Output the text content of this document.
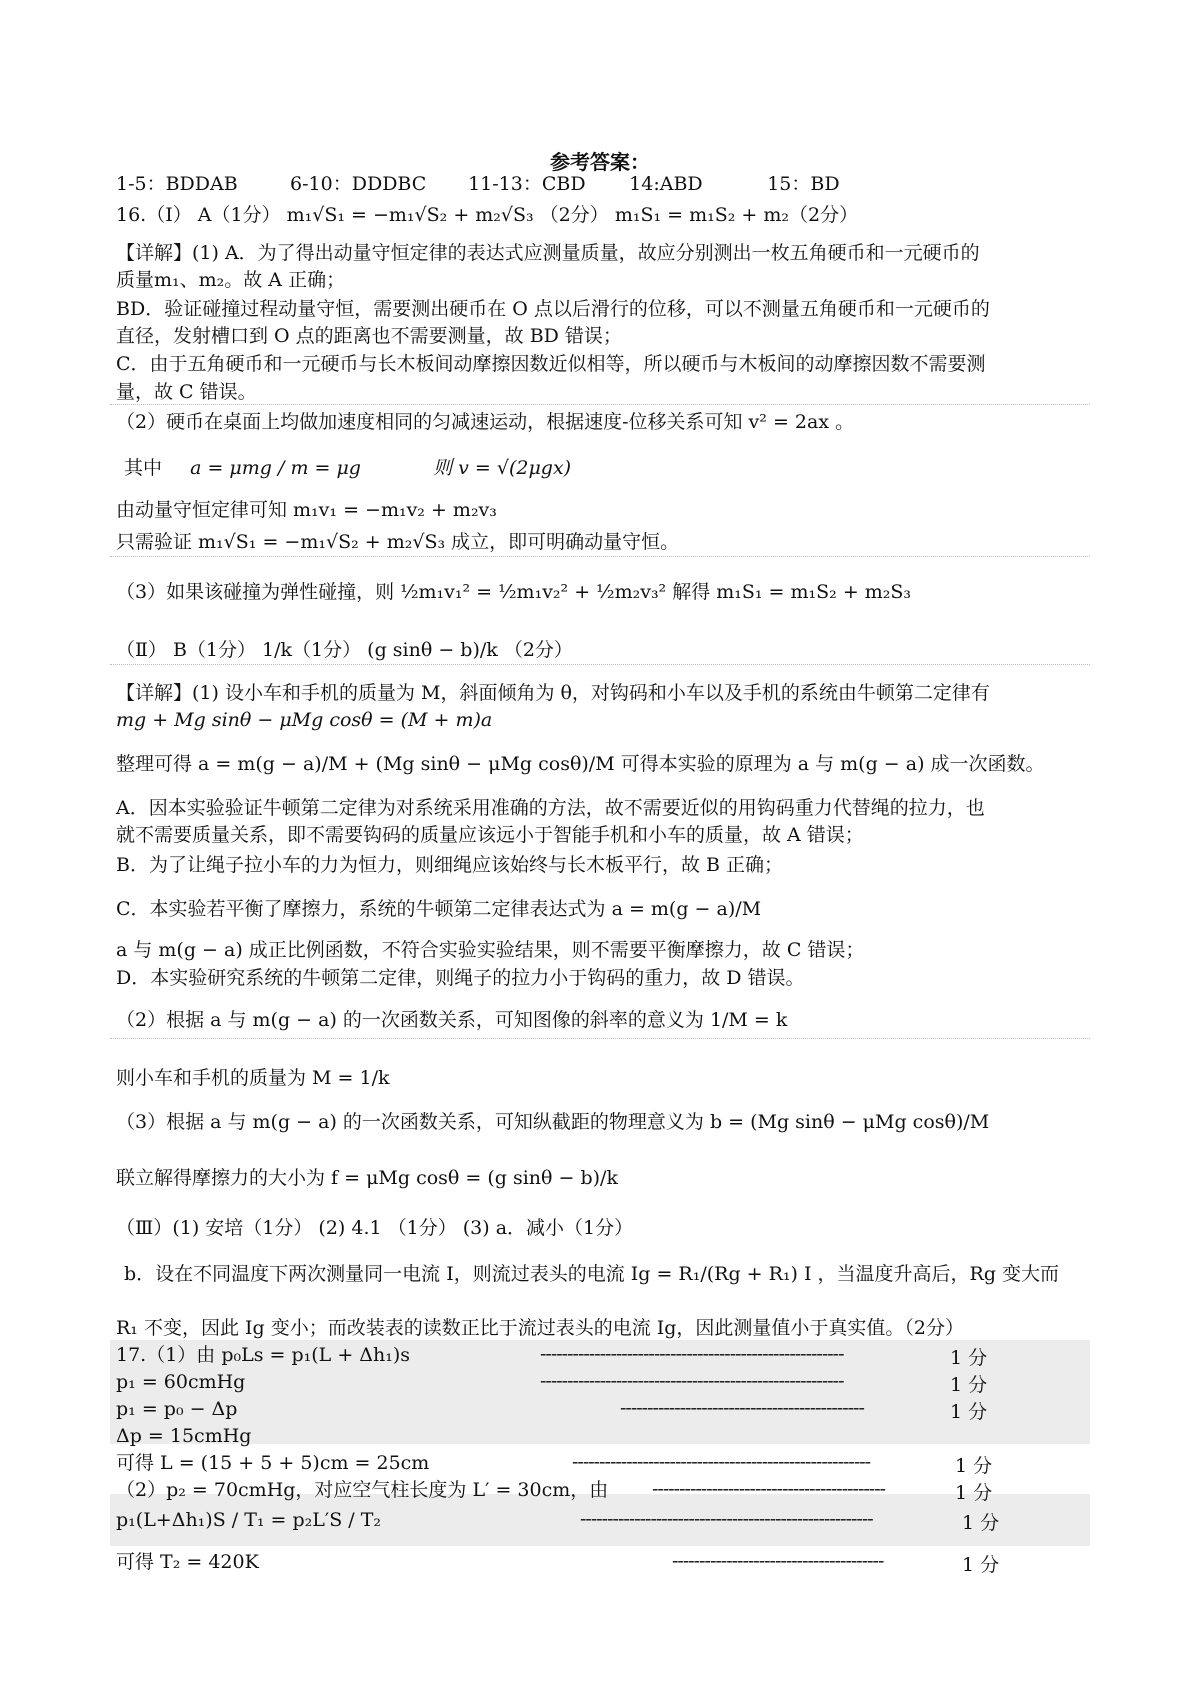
参考答案：
1-5：BDDAB	6-10：DDDBC 11-13：CBD 14:ABD	15：BD
16.（Ⅰ） A（1分） m₁√S₁ = −m₁√S₂ + m₂√S₃ （2分） m₁S₁ = m₁S₂ + m₂（2分）
【详解】(1) A．为了得出动量守恒定律的表达式应测量质量，故应分别测出一枚五角硬币和一元硬币的
质量m₁、m₂。故 A 正确；
BD．验证碰撞过程动量守恒，需要测出硬币在 O 点以后滑行的位移，可以不测量五角硬币和一元硬币的
直径，发射槽口到 O 点的距离也不需要测量，故 BD 错误；
C．由于五角硬币和一元硬币与长木板间动摩擦因数近似相等，所以硬币与木板间的动摩擦因数不需要测
量，故 C 错误。
（2）硬币在桌面上均做加速度相同的匀减速运动，根据速度-位移关系可知 v² = 2ax 。
其中 a = μmg / m = μg	则 v = √(2μgx)
由动量守恒定律可知 m₁v₁ = −m₁v₂ + m₂v₃
只需验证 m₁√S₁ = −m₁√S₂ + m₂√S₃ 成立，即可明确动量守恒。
（3）如果该碰撞为弹性碰撞，则 ½m₁v₁² = ½m₁v₂² + ½m₂v₃² 解得 m₁S₁ = m₁S₂ + m₂S₃
（Ⅱ） B（1分） 1/k（1分） (g sinθ − b)/k （2分）
【详解】(1) 设小车和手机的质量为 M，斜面倾角为 θ，对钩码和小车以及手机的系统由牛顿第二定律有
mg + Mg sinθ − μMg cosθ = (M + m)a
整理可得 a = m(g − a)/M + (Mg sinθ − μMg cosθ)/M 可得本实验的原理为 a 与 m(g − a) 成一次函数。
A．因本实验验证牛顿第二定律为对系统采用准确的方法，故不需要近似的用钩码重力代替绳的拉力，也
就不需要质量关系，即不需要钩码的质量应该远小于智能手机和小车的质量，故 A 错误；
B．为了让绳子拉小车的力为恒力，则细绳应该始终与长木板平行，故 B 正确；
C．本实验若平衡了摩擦力，系统的牛顿第二定律表达式为 a = m(g − a)/M
a 与 m(g − a) 成正比例函数，不符合实验实验结果，则不需要平衡摩擦力，故 C 错误；
D．本实验研究系统的牛顿第二定律，则绳子的拉力小于钩码的重力，故 D 错误。
（2）根据 a 与 m(g − a) 的一次函数关系，可知图像的斜率的意义为 1/M = k
则小车和手机的质量为 M = 1/k
（3）根据 a 与 m(g − a) 的一次函数关系，可知纵截距的物理意义为 b = (Mg sinθ − μMg cosθ)/M
联立解得摩擦力的大小为 f = μMg cosθ = (g sinθ − b)/k
（Ⅲ）(1) 安培（1分） (2) 4.1 （1分） (3) a．减小（1分）
b．设在不同温度下两次测量同一电流 I，则流过表头的电流 Ig = R₁/(Rg + R₁) I ，当温度升高后，Rg 变大而
R₁ 不变，因此 Ig 变小；而改装表的读数正比于流过表头的电流 Ig，因此测量值小于真实值。（2分）
17.（1）由 p₀Ls = p₁(L + Δh₁)s	--------------------------------------------------------	1 分
p₁ = 60cmHg	--------------------------------------------------------	1 分
p₁ = p₀ − Δp	---------------------------------------------	1 分
Δp = 15cmHg
可得 L = (15 + 5 + 5)cm = 25cm	-------------------------------------------------------	1 分
（2）p₂ = 70cmHg，对应空气柱长度为 L′ = 30cm，由 -------------------------------------------	1 分
p₁(L+Δh₁)S / T₁ = p₂L′S / T₂	------------------------------------------------------	1 分
可得 T₂ = 420K	---------------------------------------	1 分
